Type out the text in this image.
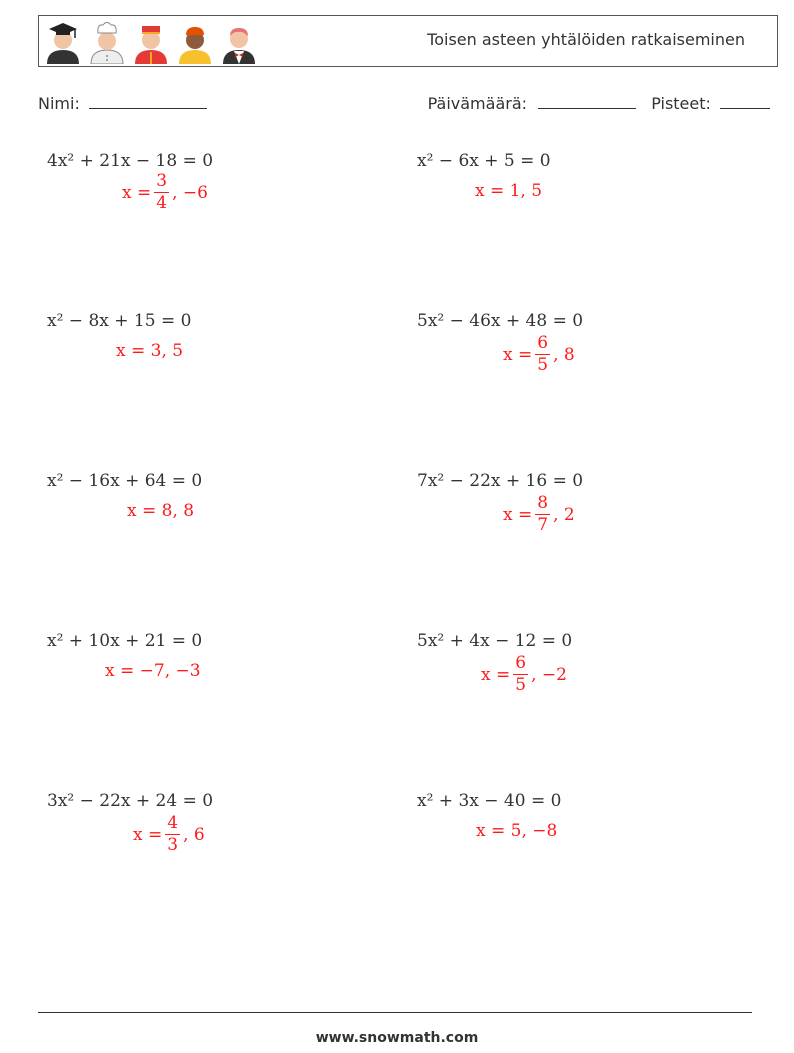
Toisen asteen yhtälöiden ratkaiseminen
Nimi:	Päivämäärä:	Pisteet:
4x² + 21x − 18 = 0
$x = \frac{3}{4}$ , −6
x² − 6x + 5 = 0
x = 1, 5
x² − 8x + 15 = 0
x = 3, 5
5x² − 46x + 48 = 0
$x = \frac{6}{5}$ , 8
x² − 16x + 64 = 0
x = 8, 8
7x² − 22x + 16 = 0
$x = \frac{8}{7}$ , 2
x² + 10x + 21 = 0
x = −7, −3
5x² + 4x − 12 = 0
$x = \frac{6}{5}$ , −2
3x² − 22x + 24 = 0
$x = \frac{4}{3}$ , 6
x² + 3x − 40 = 0
x = 5, −8
www.snowmath.com
